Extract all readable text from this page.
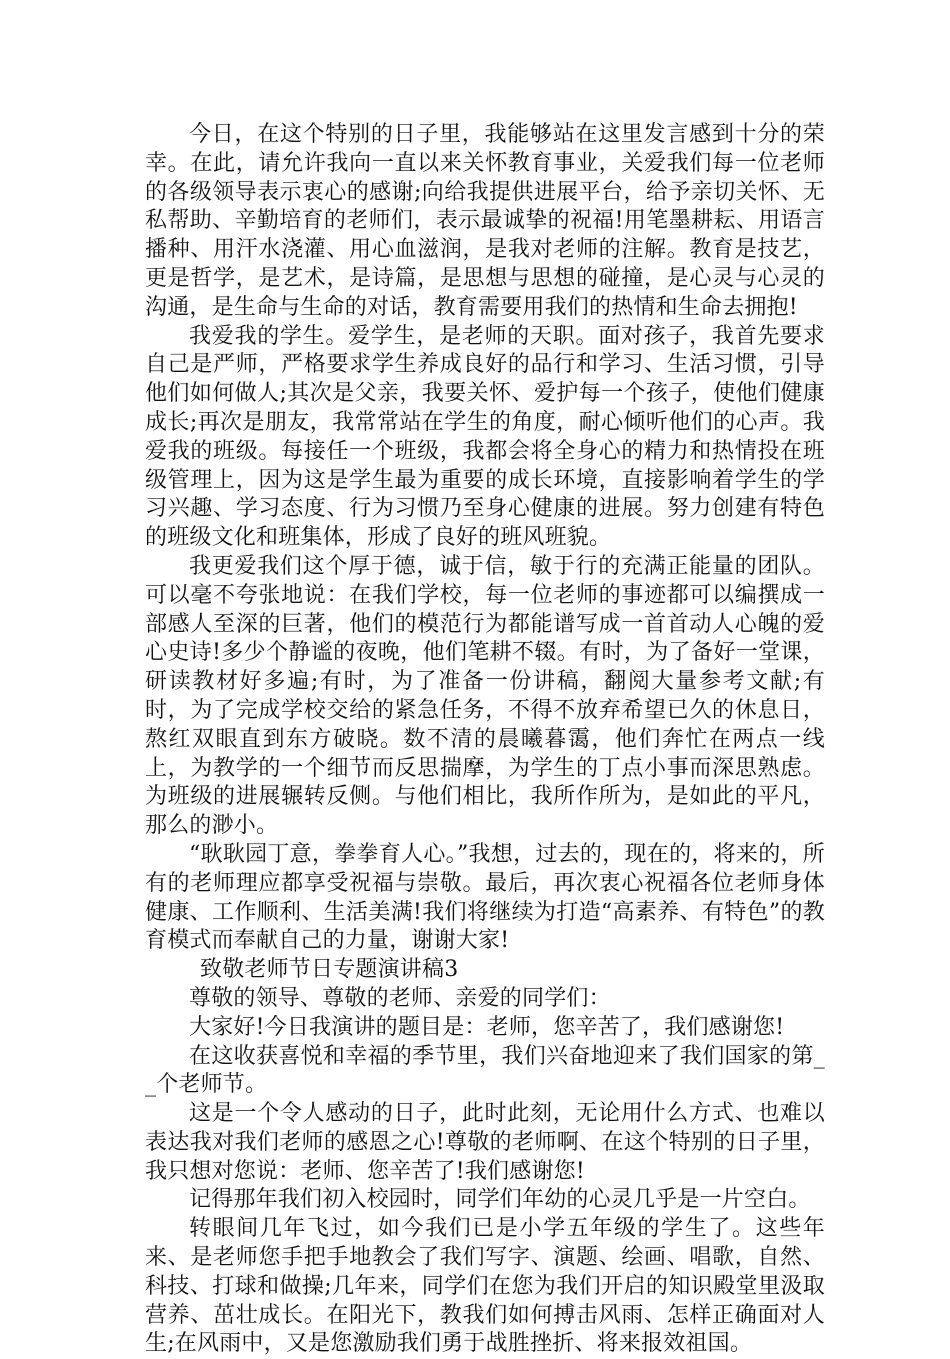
今日，在这个特别的日子里，我能够站在这里发言感到十分的荣幸。在此，请允许我向一直以来关怀教育事业，关爱我们每一位老师的各级领导表示衷心的感谢;向给我提供进展平台，给予亲切关怀、无私帮助、辛勤培育的老师们，表示最诚挚的祝福!用笔墨耕耘、用语言播种、用汗水浇灌、用心血滋润，是我对老师的注解。教育是技艺，更是哲学，是艺术，是诗篇，是思想与思想的碰撞，是心灵与心灵的沟通，是生命与生命的对话，教育需要用我们的热情和生命去拥抱!

我爱我的学生。爱学生，是老师的天职。面对孩子，我首先要求自己是严师，严格要求学生养成良好的品行和学习、生活习惯，引导他们如何做人;其次是父亲，我要关怀、爱护每一个孩子，使他们健康成长;再次是朋友，我常常站在学生的角度，耐心倾听他们的心声。我爱我的班级。每接任一个班级，我都会将全身心的精力和热情投在班级管理上，因为这是学生最为重要的成长环境，直接影响着学生的学习兴趣、学习态度、行为习惯乃至身心健康的进展。努力创建有特色的班级文化和班集体，形成了良好的班风班貌。

我更爱我们这个厚于德，诚于信，敏于行的充满正能量的团队。可以毫不夸张地说：在我们学校，每一位老师的事迹都可以编撰成一部感人至深的巨著，他们的模范行为都能谱写成一首首动人心魄的爱心史诗!多少个静谧的夜晚，他们笔耕不辍。有时，为了备好一堂课，研读教材好多遍;有时，为了准备一份讲稿，翻阅大量参考文献;有时，为了完成学校交给的紧急任务，不得不放弃希望已久的休息日，熬红双眼直到东方破晓。数不清的晨曦暮霭，他们奔忙在两点一线上，为教学的一个细节而反思揣摩，为学生的丁点小事而深思熟虑。为班级的进展辗转反侧。与他们相比，我所作所为，是如此的平凡，那么的渺小。

“耿耿园丁意，拳拳育人心。”我想，过去的，现在的，将来的，所有的老师理应都享受祝福与崇敬。最后，再次衷心祝福各位老师身体健康、工作顺利、生活美满!我们将继续为打造“高素养、有特色”的教育模式而奉献自己的力量，谢谢大家!

致敬老师节日专题演讲稿3

尊敬的领导、尊敬的老师、亲爱的同学们：

大家好!今日我演讲的题目是：老师，您辛苦了，我们感谢您!

在这收获喜悦和幸福的季节里，我们兴奋地迎来了我们国家的第__个老师节。

这是一个令人感动的日子，此时此刻，无论用什么方式、也难以表达我对我们老师的感恩之心!尊敬的老师啊、在这个特别的日子里，我只想对您说：老师、您辛苦了!我们感谢您!

记得那年我们初入校园时，同学们年幼的心灵几乎是一片空白。

转眼间几年飞过，如今我们已是小学五年级的学生了。这些年来、是老师您手把手地教会了我们写字、演题、绘画、唱歌，自然、科技、打球和做操;几年来，同学们在您为我们开启的知识殿堂里汲取营养、茁壮成长。在阳光下，教我们如何搏击风雨、怎样正确面对人生;在风雨中，又是您激励我们勇于战胜挫折、将来报效祖国。
